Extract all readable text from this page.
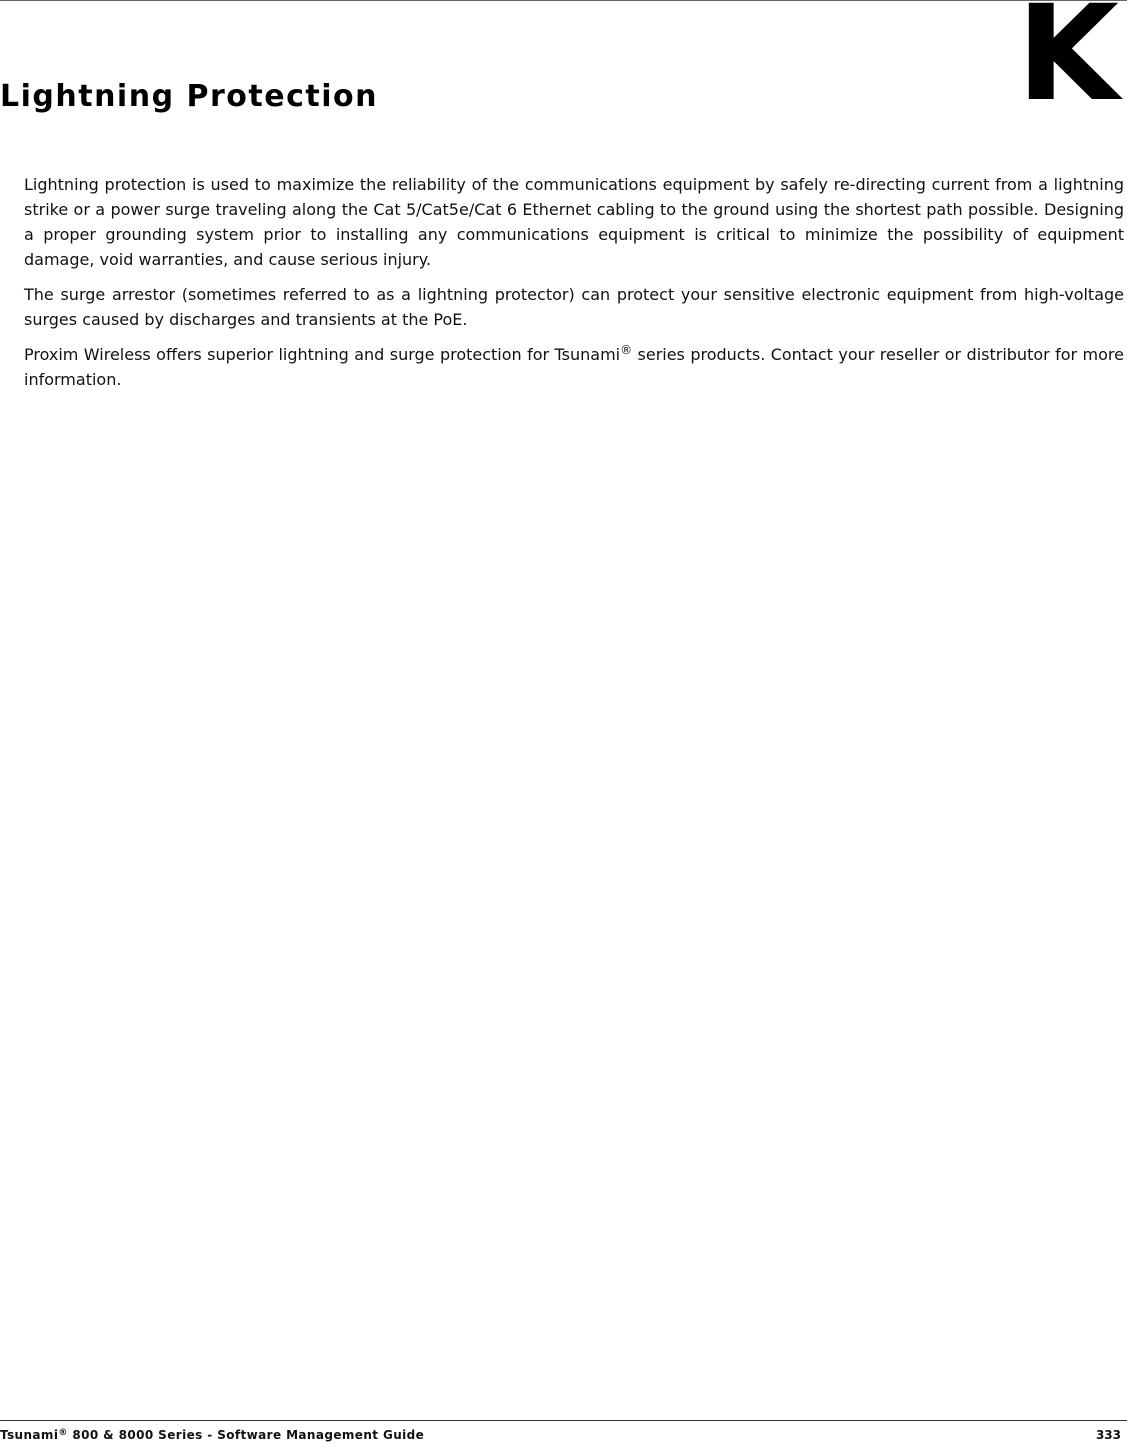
K
Lightning Protection

Lightning protection is used to maximize the reliability of the communications equipment by safely re-directing current from a lightning strike or a power surge traveling along the Cat 5/Cat5e/Cat 6 Ethernet cabling to the ground using the shortest path possible. Designing a proper grounding system prior to installing any communications equipment is critical to minimize the possibility of equipment damage, void warranties, and cause serious injury.

The surge arrestor (sometimes referred to as a lightning protector) can protect your sensitive electronic equipment from high-voltage surges caused by discharges and transients at the PoE.

Proxim Wireless offers superior lightning and surge protection for Tsunami® series products. Contact your reseller or distributor for more information.

Tsunami® 800 & 8000 Series - Software Management Guide	333
